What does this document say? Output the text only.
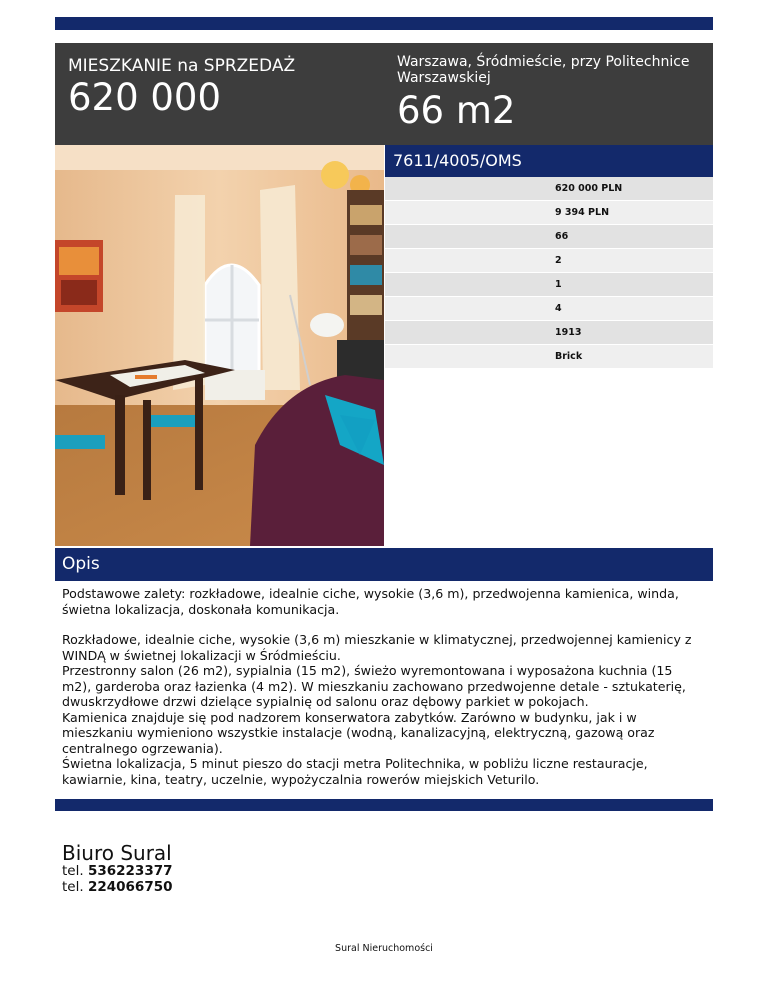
MIESZKANIE na SPRZEDAŻ
620 000
Warszawa, Śródmieście, przy Politechnice Warszawskiej
66 m2
7611/4005/OMS
620 000 PLN
9 394 PLN
66
2
1
4
1913
Brick
Opis

Podstawowe zalety: rozkładowe, idealnie ciche, wysokie (3,6 m), przedwojenna kamienica, winda, świetna lokalizacja, doskonała komunikacja.

Rozkładowe, idealnie ciche, wysokie (3,6 m) mieszkanie w klimatycznej, przedwojennej kamienicy z WINDĄ w świetnej lokalizacji w Śródmieściu.
Przestronny salon (26 m2), sypialnia (15 m2), świeżo wyremontowana i wyposażona kuchnia (15 m2), garderoba oraz łazienka (4 m2). W mieszkaniu zachowano przedwojenne detale - sztukaterię, dwuskrzydłowe drzwi dzielące sypialnię od salonu oraz dębowy parkiet w pokojach.
Kamienica znajduje się pod nadzorem konserwatora zabytków. Zarówno w budynku, jak i w mieszkaniu wymieniono wszystkie instalacje (wodną, kanalizacyjną, elektryczną, gazową oraz centralnego ogrzewania).
Świetna lokalizacja, 5 minut pieszo do stacji metra Politechnika, w pobliżu liczne restauracje, kawiarnie, kina, teatry, uczelnie, wypożyczalnia rowerów miejskich Veturilo.
Biuro Sural
tel. 536223377
tel. 224066750
Sural Nieruchomości
